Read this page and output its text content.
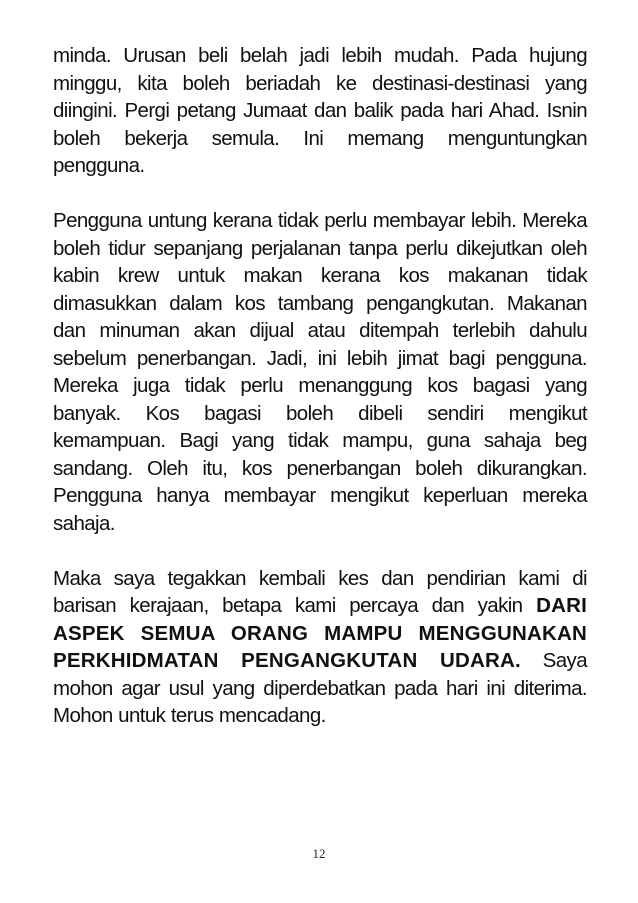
minda. Urusan beli belah jadi lebih mudah. Pada hujung minggu, kita boleh beriadah ke destinasi-destinasi yang diingini. Pergi petang Jumaat dan balik pada hari Ahad. Isnin boleh bekerja semula. Ini memang menguntungkan pengguna.

Pengguna untung kerana tidak perlu membayar lebih. Mereka boleh tidur sepanjang perjalanan tanpa perlu dikejutkan oleh kabin krew untuk makan kerana kos makanan tidak dimasukkan dalam kos tambang pengangkutan. Makanan dan minuman akan dijual atau ditempah terlebih dahulu sebelum penerbangan. Jadi, ini lebih jimat bagi pengguna. Mereka juga tidak perlu menanggung kos bagasi yang banyak. Kos bagasi boleh dibeli sendiri mengikut kemampuan. Bagi yang tidak mampu, guna sahaja beg sandang. Oleh itu, kos penerbangan boleh dikurangkan. Pengguna hanya membayar mengikut keperluan mereka sahaja.

Maka saya tegakkan kembali kes dan pendirian kami di barisan kerajaan, betapa kami percaya dan yakin DARI ASPEK SEMUA ORANG MAMPU MENGGUNAKAN PERKHIDMATAN PENGANGKUTAN UDARA. Saya mohon agar usul yang diperdebatkan pada hari ini diterima. Mohon untuk terus mencadang.

12
